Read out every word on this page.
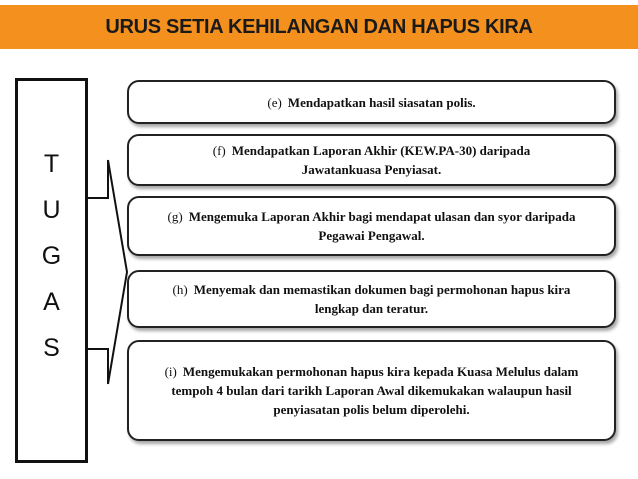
URUS SETIA KEHILANGAN DAN HAPUS KIRA
T
U
G
A
S
(e) Mendapatkan hasil siasatan polis.
(f) Mendapatkan Laporan Akhir (KEW.PA-30) daripada Jawatankuasa Penyiasat.
(g) Mengemuka Laporan Akhir bagi mendapat ulasan dan syor daripada Pegawai Pengawal.
(h) Menyemak dan memastikan dokumen bagi permohonan hapus kira lengkap dan teratur.
(i) Mengemukakan permohonan hapus kira kepada Kuasa Melulus dalam tempoh 4 bulan dari tarikh Laporan Awal dikemukakan walaupun hasil penyiasatan polis belum diperolehi.
